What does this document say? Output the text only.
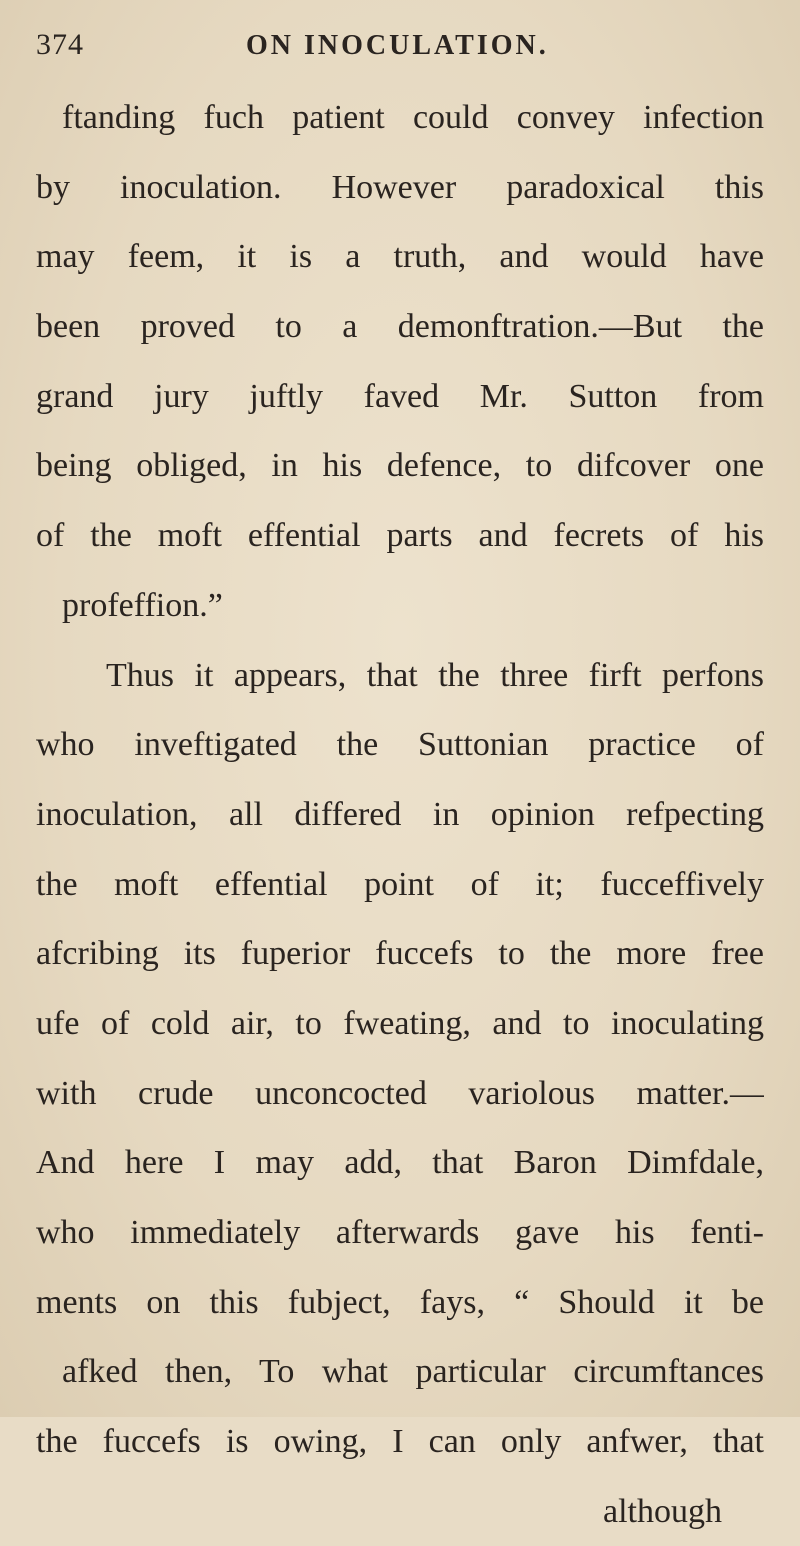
374	ON INOCULATION.
ftanding fuch patient could convey infection
by inoculation. However paradoxical this
may feem, it is a truth, and would have
been proved to a demonftration.—But the
grand jury juftly faved Mr. Sutton from
being obliged, in his defence, to difcover one
of the moft effential parts and fecrets of his
profeffion.”
Thus it appears, that the three firft perfons
who inveftigated the Suttonian practice of
inoculation, all differed in opinion refpecting
the moft effential point of it; fucceffively
afcribing its fuperior fuccefs to the more free
ufe of cold air, to fweating, and to inoculating
with crude unconcocted variolous matter.—
And here I may add, that Baron Dimfdale,
who immediately afterwards gave his fenti-
ments on this fubject, fays, “ Should it be
afked then, To what particular circumftances
the fuccefs is owing, I can only anfwer, that
although
